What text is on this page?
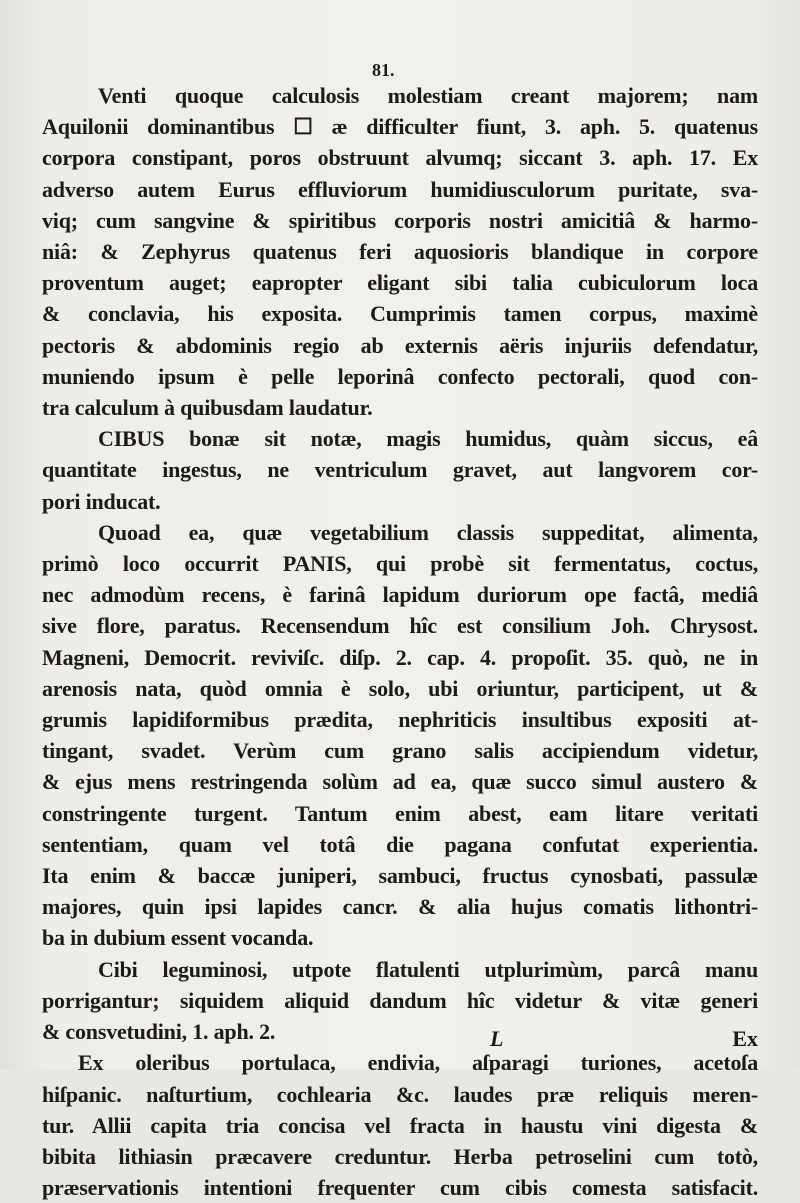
81.
Venti quoque calculosis molestiam creant majorem; nam
Aquilonii dominantibus ☐ æ difficulter fiunt, 3. aph. 5. quatenus
corpora constipant, poros obstruunt alvumq; siccant 3. aph. 17. Ex
adverso autem Eurus effluviorum humidiusculorum puritate, sva-
viq; cum sangvine & spiritibus corporis nostri amicitiâ & harmo-
niâ: & Zephyrus quatenus feri aquosioris blandique in corpore
proventum auget; eapropter eligant sibi talia cubiculorum loca
& conclavia, his exposita. Cumprimis tamen corpus, maximè
pectoris & abdominis regio ab externis aëris injuriis defendatur,
muniendo ipsum è pelle leporinâ confecto pectorali, quod con-
tra calculum à quibusdam laudatur.
CIBUS bonæ sit notæ, magis humidus, quàm siccus, eâ
quantitate ingestus, ne ventriculum gravet, aut langvorem cor-
pori inducat.
Quoad ea, quæ vegetabilium classis suppeditat, alimenta,
primò loco occurrit PANIS, qui probè sit fermentatus, coctus,
nec admodùm recens, è farinâ lapidum duriorum ope factâ, mediâ
sive flore, paratus. Recensendum hîc est consilium Joh. Chrysost.
Magneni, Democrit. reviviſc. diſp. 2. cap. 4. propoſit. 35. quò, ne in
arenosis nata, quòd omnia è solo, ubi oriuntur, participent, ut &
grumis lapidiformibus prædita, nephriticis insultibus expositi at-
tingant, svadet. Verùm cum grano salis accipiendum videtur,
& ejus mens restringenda solùm ad ea, quæ succo simul austero &
constringente turgent. Tantum enim abest, eam litare veritati
sententiam, quam vel totâ die pagana confutat experientia.
Ita enim & baccæ juniperi, sambuci, fructus cynosbati, passulæ
majores, quin ipsi lapides cancr. & alia hujus comatis lithontri-
ba in dubium essent vocanda.
Cibi leguminosi, utpote flatulenti utplurimùm, parcâ manu
porrigantur; siquidem aliquid dandum hîc videtur & vitæ generi
& consvetudini, 1. aph. 2.
Ex oleribus portulaca, endivia, aſparagi turiones, acetoſa
hiſpanic. naſturtium, cochlearia &c. laudes præ reliquis meren-
tur. Allii capita tria concisa vel fracta in haustu vini digesta &
bibita lithiasin præcavere creduntur. Herba petroselini cum totò,
præservationis intentioni frequenter cum cibis comesta satisfacit.
L	Ex
